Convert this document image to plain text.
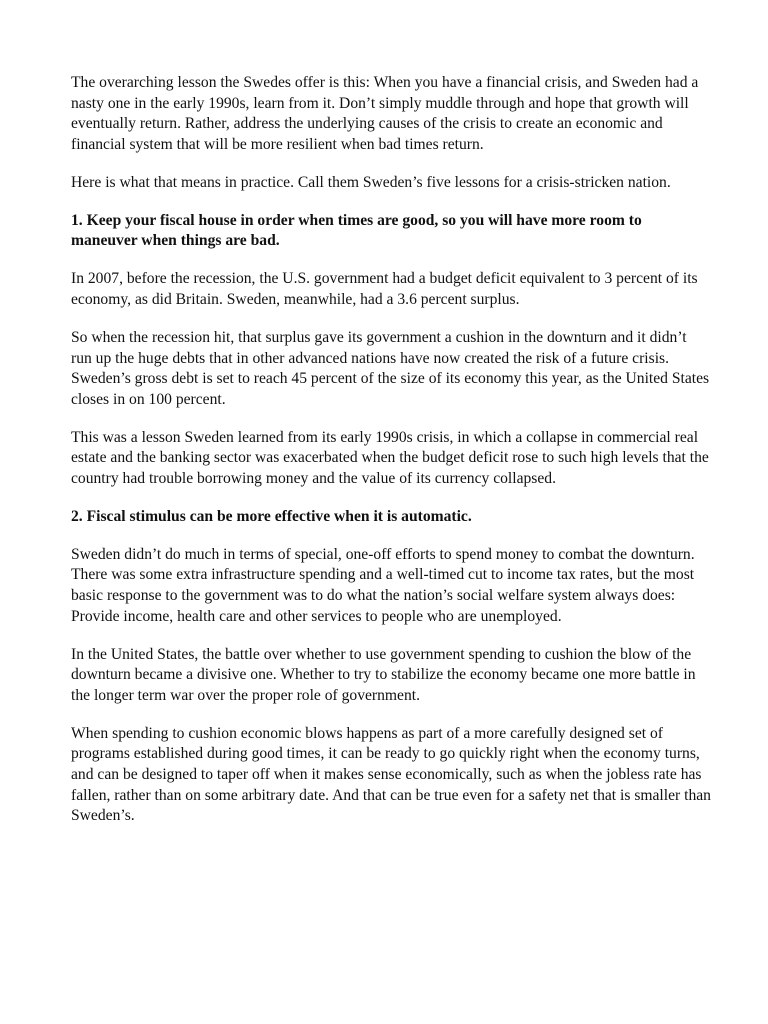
The overarching lesson the Swedes offer is this: When you have a financial crisis, and Sweden had a nasty one in the early 1990s, learn from it. Don’t simply muddle through and hope that growth will eventually return. Rather, address the underlying causes of the crisis to create an economic and financial system that will be more resilient when bad times return.

Here is what that means in practice. Call them Sweden’s five lessons for a crisis-stricken nation.

1. Keep your fiscal house in order when times are good, so you will have more room to maneuver when things are bad.

In 2007, before the recession, the U.S. government had a budget deficit equivalent to 3 percent of its economy, as did Britain. Sweden, meanwhile, had a 3.6 percent surplus.

So when the recession hit, that surplus gave its government a cushion in the downturn and it didn’t run up the huge debts that in other advanced nations have now created the risk of a future crisis. Sweden’s gross debt is set to reach 45 percent of the size of its economy this year, as the United States closes in on 100 percent.

This was a lesson Sweden learned from its early 1990s crisis, in which a collapse in commercial real estate and the banking sector was exacerbated when the budget deficit rose to such high levels that the country had trouble borrowing money and the value of its currency collapsed.

2. Fiscal stimulus can be more effective when it is automatic.

Sweden didn’t do much in terms of special, one-off efforts to spend money to combat the downturn. There was some extra infrastructure spending and a well-timed cut to income tax rates, but the most basic response to the government was to do what the nation’s social welfare system always does: Provide income, health care and other services to people who are unemployed.

In the United States, the battle over whether to use government spending to cushion the blow of the downturn became a divisive one. Whether to try to stabilize the economy became one more battle in the longer term war over the proper role of government.

When spending to cushion economic blows happens as part of a more carefully designed set of programs established during good times, it can be ready to go quickly right when the economy turns, and can be designed to taper off when it makes sense economically, such as when the jobless rate has fallen, rather than on some arbitrary date. And that can be true even for a safety net that is smaller than Sweden’s.
